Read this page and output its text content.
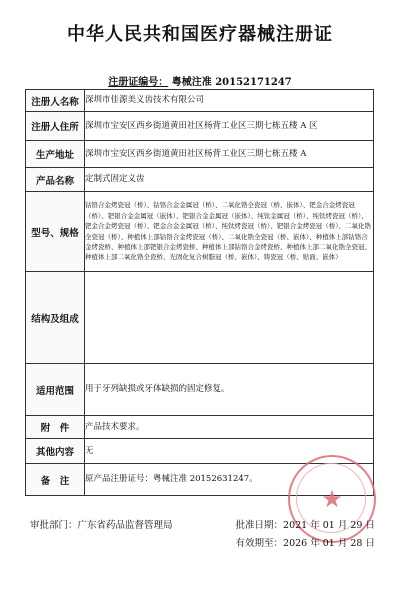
中华人民共和国医疗器械注册证
注册证编号： 粤械注准 20152171247
注册人名称	深圳市佳源美义齿技术有限公司
注册人住所	深圳市宝安区西乡街道黄田社区杨背工业区三期七栋五楼 A 区
生产地址	深圳市宝安区西乡街道黄田社区杨背工业区三期七栋五楼 A
产品名称	定制式固定义齿
型号、规格	钴铬合金烤瓷冠（桥）、钴铬合金金属冠（桥）、二氧化锆全瓷冠（桥、嵌体）、钯金合金烤瓷冠（桥）、钯银合金金属冠（嵌体）、钯银合金金属冠（嵌体）、纯钛金属冠（桥）、纯钛烤瓷冠（桥）、钯金合金烤瓷冠（桥）、钯金合金金属冠（桥）、纯钛烤瓷冠（桥）、钯银合金烤瓷冠（桥）、二氧化锆全瓷冠（桥）、种植体上部钴铬合金烤瓷冠（桥）、二氧化锆全瓷冠（桥、嵌体）、种植体上部钴铬合金烤瓷桥、种植体上部钯银合金烤瓷桥、种植体上部钴铬合金烤瓷桥、种植体上部二氧化锆全瓷冠、种植体上部二氧化锆全瓷桥、光固化复合树脂冠（桥、嵌体）、铸瓷冠（桥、贴面、嵌体）
结构及组成	
适用范围	用于牙列缺损或牙体缺损的固定修复。
附　件	产品技术要求。
其他内容	无
备　注	原产品注册证号：粤械注准 20152631247。
★
审批部门：广东省药品监督管理局	批准日期：2021 年 01 月 29 日
有效期至：2026 年 01 月 28 日
